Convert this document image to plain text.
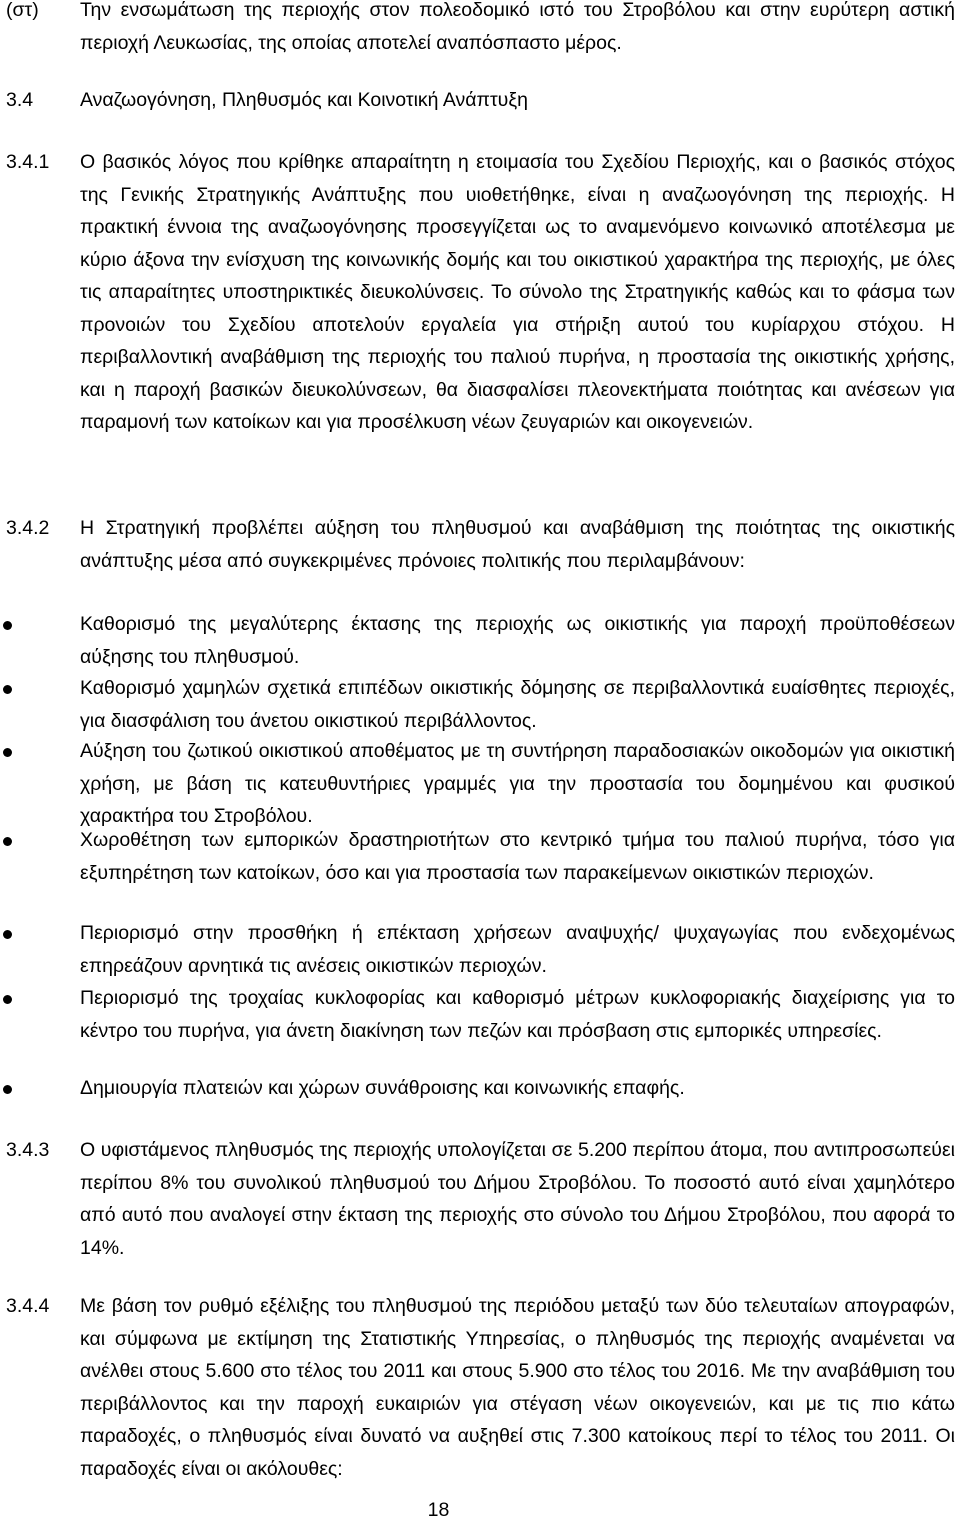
(στ) Την ενσωμάτωση της περιοχής στον πολεοδομικό ιστό του Στροβόλου και στην ευρύτερη αστική περιοχή Λευκωσίας, της οποίας αποτελεί αναπόσπαστο μέρος.

3.4 Αναζωογόνηση, Πληθυσμός και Κοινοτική Ανάπτυξη

3.4.1 Ο βασικός λόγος που κρίθηκε απαραίτητη η ετοιμασία του Σχεδίου Περιοχής, και ο βασικός στόχος της Γενικής Στρατηγικής Ανάπτυξης που υιοθετήθηκε, είναι η αναζωογόνηση της περιοχής. Η πρακτική έννοια της αναζωογόνησης προσεγγίζεται ως το αναμενόμενο κοινωνικό αποτέλεσμα με κύριο άξονα την ενίσχυση της κοινωνικής δομής και του οικιστικού χαρακτήρα της περιοχής, με όλες τις απαραίτητες υποστηρικτικές διευκολύνσεις. Το σύνολο της Στρατηγικής καθώς και το φάσμα των προνοιών του Σχεδίου αποτελούν εργαλεία για στήριξη αυτού του κυρίαρχου στόχου. Η περιβαλλοντική αναβάθμιση της περιοχής του παλιού πυρήνα, η προστασία της οικιστικής χρήσης, και η παροχή βασικών διευκολύνσεων, θα διασφαλίσει πλεονεκτήματα ποιότητας και ανέσεων για παραμονή των κατοίκων και για προσέλκυση νέων ζευγαριών και οικογενειών.

3.4.2 Η Στρατηγική προβλέπει αύξηση του πληθυσμού και αναβάθμιση της ποιότητας της οικιστικής ανάπτυξης μέσα από συγκεκριμένες πρόνοιες πολιτικής που περιλαμβάνουν:

Καθορισμό της μεγαλύτερης έκτασης της περιοχής ως οικιστικής για παροχή προϋποθέσεων αύξησης του πληθυσμού.

Καθορισμό χαμηλών σχετικά επιπέδων οικιστικής δόμησης σε περιβαλλοντικά ευαίσθητες περιοχές, για διασφάλιση του άνετου οικιστικού περιβάλλοντος.

Αύξηση του ζωτικού οικιστικού αποθέματος με τη συντήρηση παραδοσιακών οικοδομών για οικιστική χρήση, με βάση τις κατευθυντήριες γραμμές για την προστασία του δομημένου και φυσικού χαρακτήρα του Στροβόλου.

Χωροθέτηση των εμπορικών δραστηριοτήτων στο κεντρικό τμήμα του παλιού πυρήνα, τόσο για εξυπηρέτηση των κατοίκων, όσο και για προστασία των παρακείμενων οικιστικών περιοχών.

Περιορισμό στην προσθήκη ή επέκταση χρήσεων αναψυχής/ ψυχαγωγίας που ενδεχομένως επηρεάζουν αρνητικά τις ανέσεις οικιστικών περιοχών.

Περιορισμό της τροχαίας κυκλοφορίας και καθορισμό μέτρων κυκλοφοριακής διαχείρισης για το κέντρο του πυρήνα, για άνετη διακίνηση των πεζών και πρόσβαση στις εμπορικές υπηρεσίες.

Δημιουργία πλατειών και χώρων συνάθροισης και κοινωνικής επαφής.

3.4.3 Ο υφιστάμενος πληθυσμός της περιοχής υπολογίζεται σε 5.200 περίπου άτομα, που αντιπροσωπεύει περίπου 8% του συνολικού πληθυσμού του Δήμου Στροβόλου. Το ποσοστό αυτό είναι χαμηλότερο από αυτό που αναλογεί στην έκταση της περιοχής στο σύνολο του Δήμου Στροβόλου, που αφορά το 14%.

3.4.4 Με βάση τον ρυθμό εξέλιξης του πληθυσμού της περιόδου μεταξύ των δύο τελευταίων απογραφών, και σύμφωνα με εκτίμηση της Στατιστικής Υπηρεσίας, ο πληθυσμός της περιοχής αναμένεται να ανέλθει στους 5.600 στο τέλος του 2011 και στους 5.900 στο τέλος του 2016. Με την αναβάθμιση του περιβάλλοντος και την παροχή ευκαιριών για στέγαση νέων οικογενειών, και με τις πιο κάτω παραδοχές, ο πληθυσμός είναι δυνατό να αυξηθεί στις 7.300 κατοίκους περί το τέλος του 2011. Οι παραδοχές είναι οι ακόλουθες:

18
